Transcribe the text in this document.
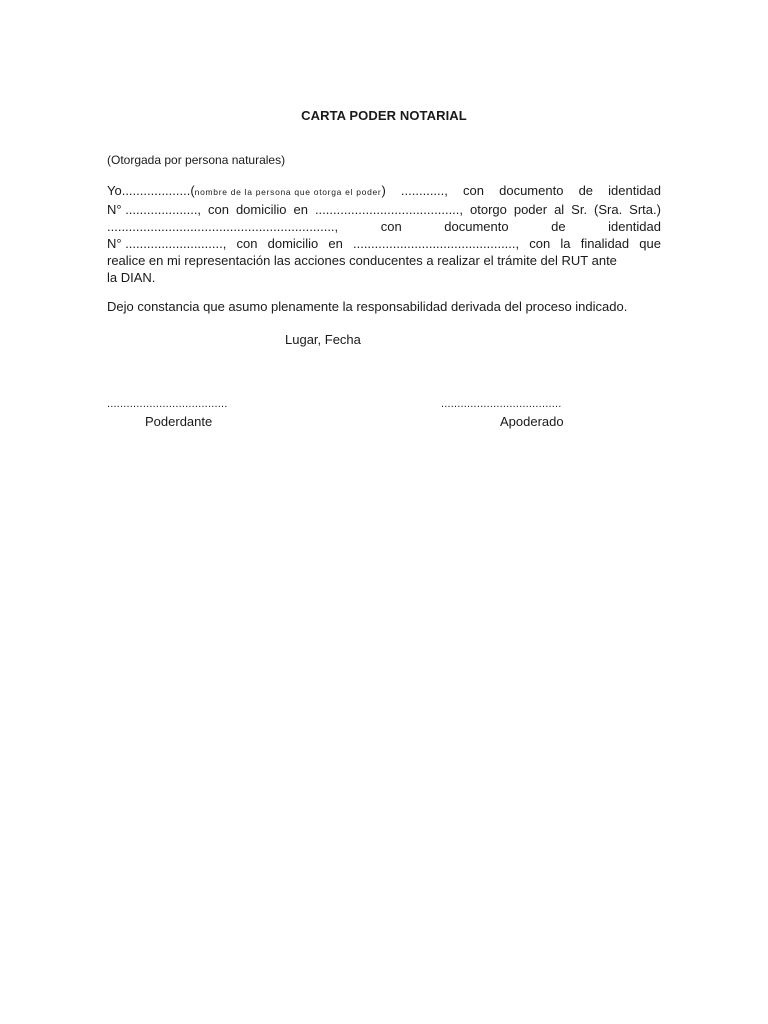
CARTA PODER NOTARIAL
(Otorgada por persona naturales)
Yo...................(nombre de la persona que otorga el poder) ............, con documento de identidad
N° ...................., con domicilio en ........................................, otorgo poder al Sr. (Sra. Srta.)
...............................................................,	con	documento	de	identidad
N° ..........................., con domicilio en ............................................., con la finalidad que
realice en mi representación las acciones conducentes a realizar el trámite del RUT ante
la DIAN.
Dejo constancia que asumo plenamente la responsabilidad derivada del proceso indicado.
Lugar, Fecha
.....................................
Poderdante
.....................................
Apoderado
